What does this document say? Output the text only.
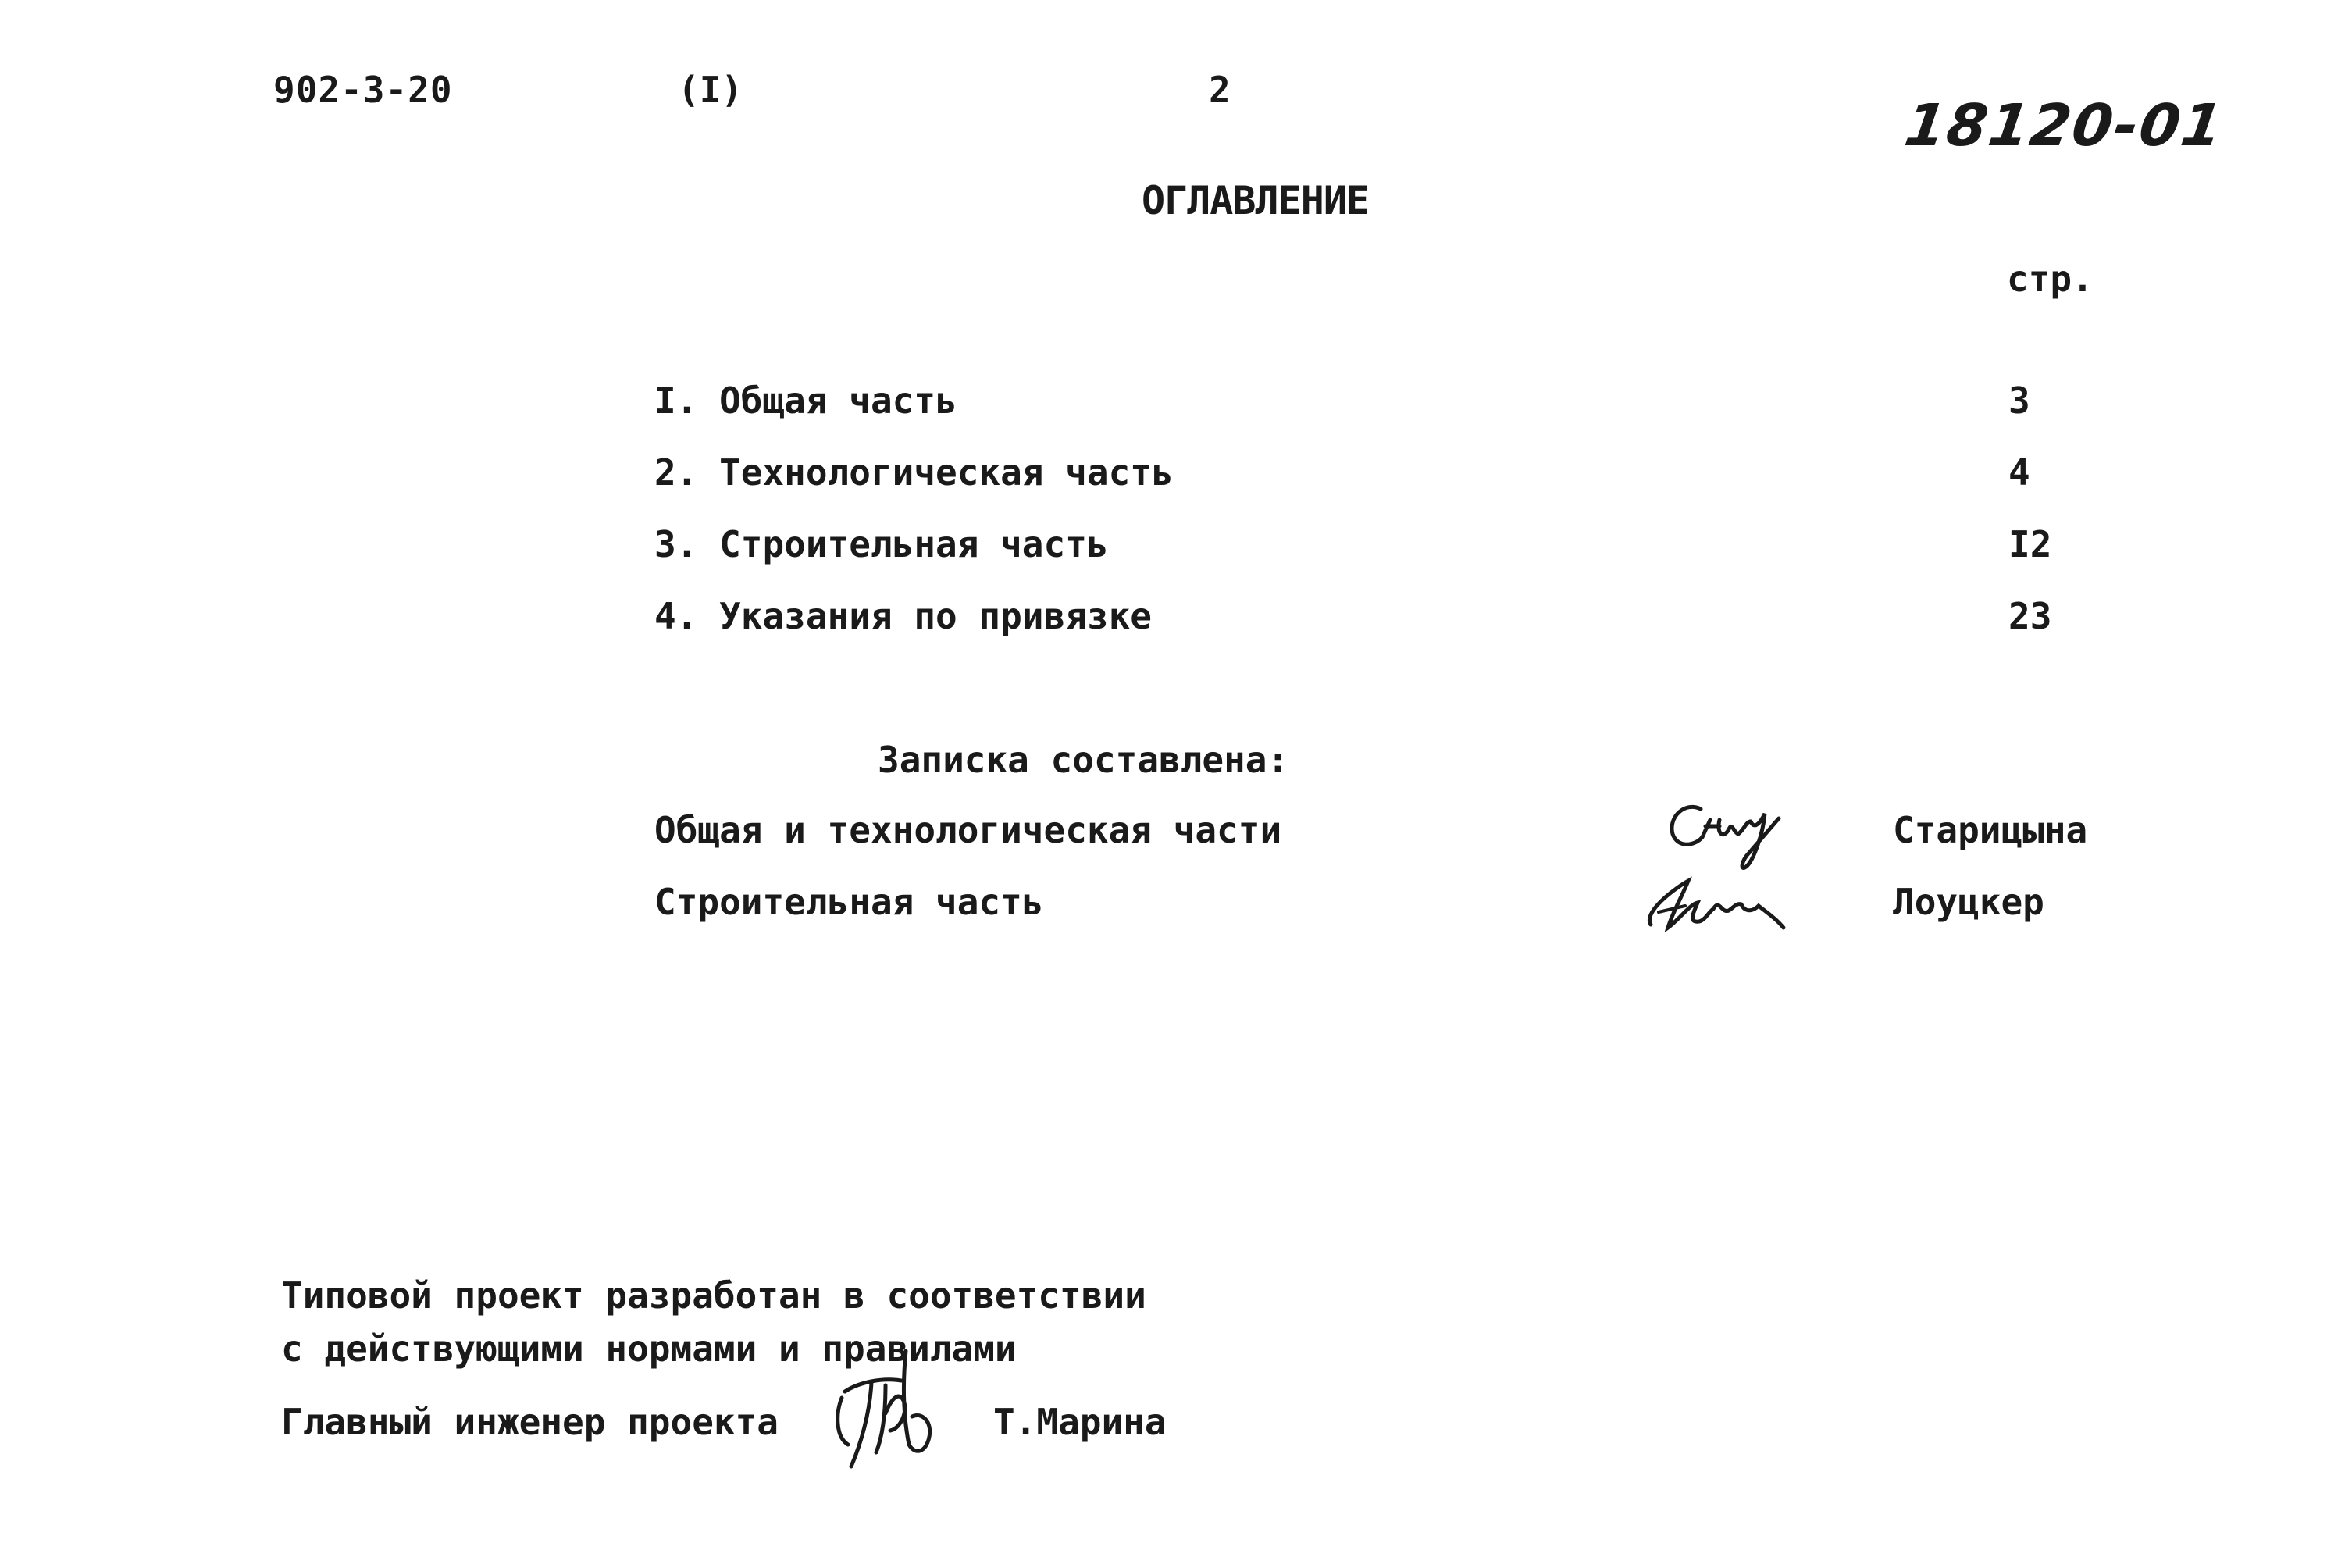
902-3-20	(I)	2
18120-01
ОГЛАВЛЕНИЕ
стр.
I. Общая часть	3
2. Технологическая часть	4
3. Строительная часть	I2
4. Указания по привязке	23
Записка составлена:
Общая и технологическая части	Старицына
Строительная часть	Лоуцкер
Типовой проект разработан в соответствии
с действующими нормами и правилами
Главный инженер проекта	Т.Марина
